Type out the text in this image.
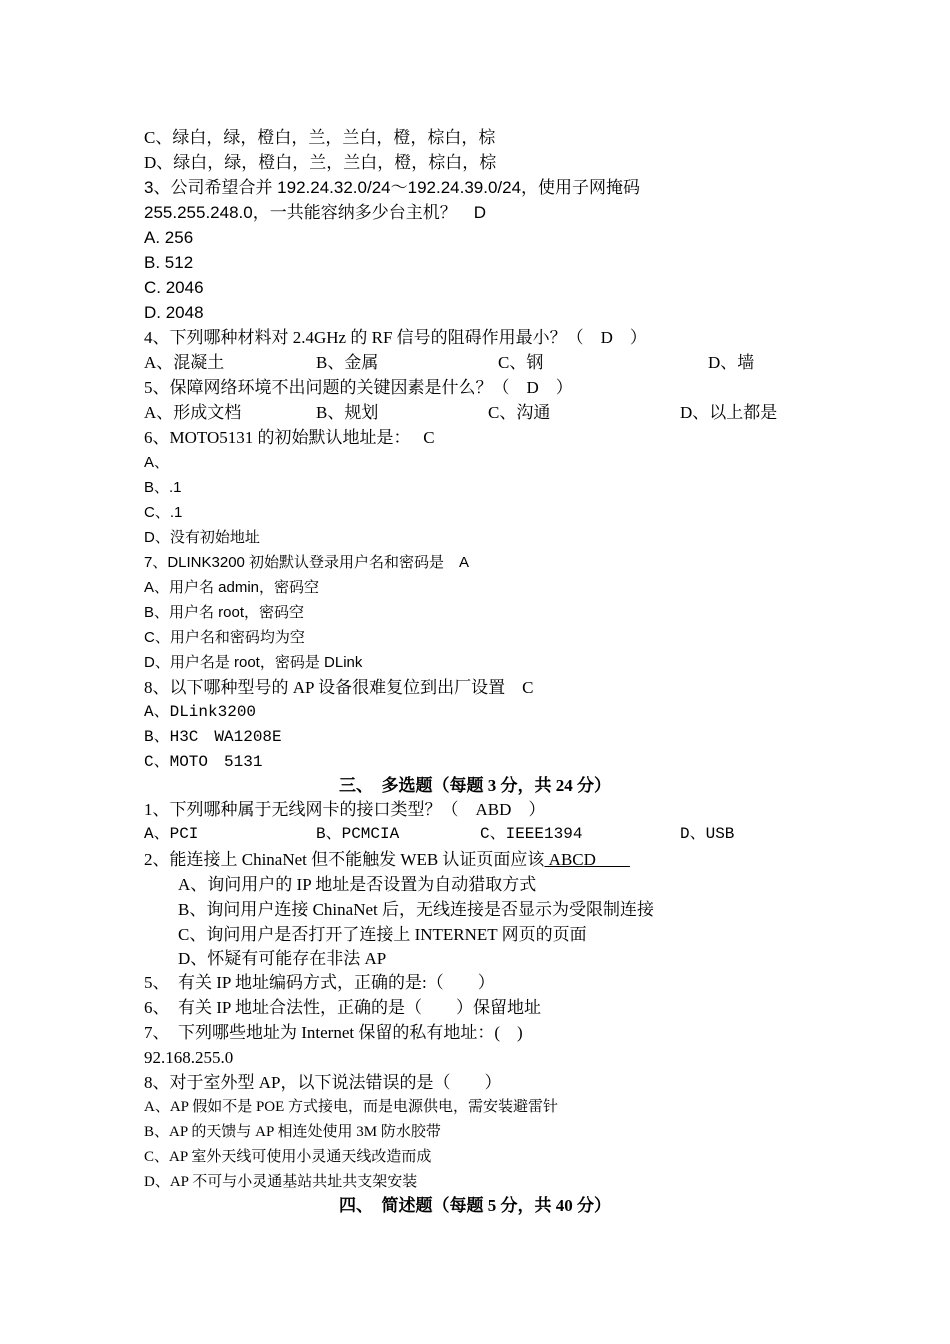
C、绿白，绿，橙白，兰，兰白，橙，棕白，棕
D、绿白，绿，橙白，兰，兰白，橙，棕白，棕
3、公司希望合并 192.24.32.0/24～192.24.39.0/24，使用子网掩码
255.255.248.0，一共能容纳多少台主机？　D
A. 256
B. 512
C. 2046
D. 2048
4、下列哪种材料对 2.4GHz 的 RF 信号的阻碍作用最小？（　D　）
A、混凝土	B、金属	C、钢	D、墙
5、保障网络环境不出问题的关键因素是什么？（　D　）
A、形成文档	B、规划	C、沟通	D、以上都是
6、MOTO5131 的初始默认地址是：　 C
A、
B、.1
C、.1
D、没有初始地址
7、DLINK3200 初始默认登录用户名和密码是　A
A、用户名 admin，密码空
B、用户名 root，密码空
C、用户名和密码均为空
D、用户名是 root，密码是 DLink
8、以下哪种型号的 AP 设备很难复位到出厂设置　C
A、DLink3200
B、H3C　WA1208E
C、MOTO　5131
三、　多选题（每题 3 分，共 24 分）
1、下列哪种属于无线网卡的接口类型？（　ABD　）
A、PCI	B、PCMCIA	C、IEEE1394	D、USB
2、能连接上 ChinaNet 但不能触发 WEB 认证页面应该 ABCD　　
A、询问用户的 IP 地址是否设置为自动猎取方式
B、询问用户连接 ChinaNet 后，无线连接是否显示为受限制连接
C、询问用户是否打开了连接上 INTERNET 网页的页面
D、怀疑有可能存在非法 AP
5、　有关 IP 地址编码方式，正确的是:（　　）
6、　有关 IP 地址合法性，正确的是（　　）保留地址
7、　下列哪些地址为 Internet 保留的私有地址：(　)
92.168.255.0
8、对于室外型 AP，以下说法错误的是（　　）
A、AP 假如不是 POE 方式接电，而是电源供电，需安装避雷针
B、AP 的天馈与 AP 相连处使用 3M 防水胶带
C、AP 室外天线可使用小灵通天线改造而成
D、AP 不可与小灵通基站共址共支架安装
四、　简述题（每题 5 分，共 40 分）
